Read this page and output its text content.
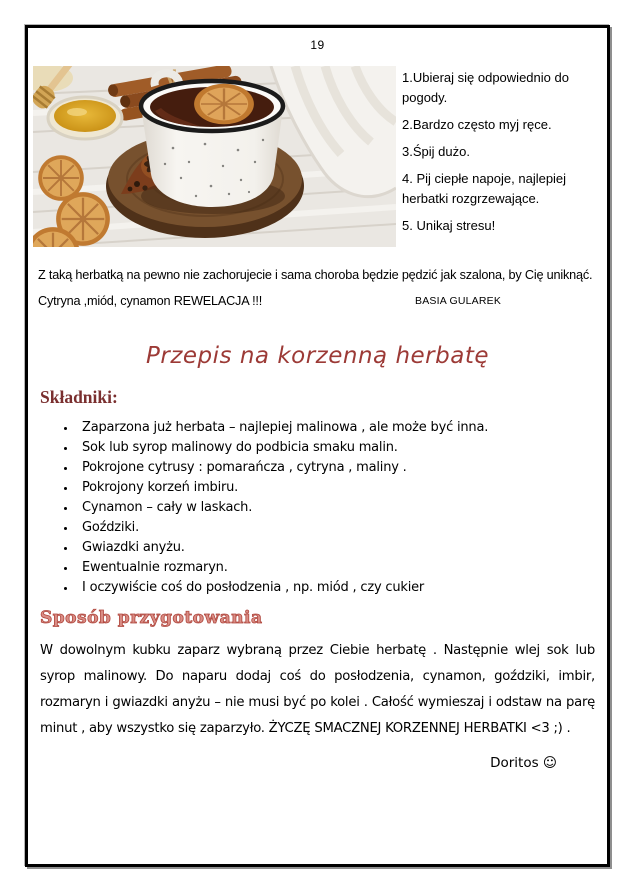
19
1.Ubieraj się odpowiednio do pogody.
2.Bardzo często myj ręce.
3.Śpij dużo.
4. Pij ciepłe napoje, najlepiej herbatki rozgrzewające.
5. Unikaj stresu!
Z taką herbatką na pewno nie zachorujecie i sama choroba będzie pędzić jak szalona, by Cię uniknąć.
Cytryna ,miód, cynamon REWELACJA !!!	BASIA GULAREK
Przepis na korzenną herbatę
Składniki:
• Zaparzona już herbata – najlepiej malinowa , ale może być inna.
• Sok lub syrop malinowy do podbicia smaku malin.
• Pokrojone cytrusy : pomarańcza , cytryna , maliny .
• Pokrojony korzeń imbiru.
• Cynamon – cały w laskach.
• Goździki.
• Gwiazdki anyżu.
• Ewentualnie rozmaryn.
• I oczywiście coś do posłodzenia , np. miód , czy cukier
Sposób przygotowania
W dowolnym kubku zaparz wybraną przez Ciebie herbatę . Następnie wlej sok lub syrop malinowy. Do naparu dodaj coś do posłodzenia, cynamon, goździki, imbir, rozmaryn i gwiazdki anyżu – nie musi być po kolei . Całość wymieszaj i odstaw na parę minut , aby wszystko się zaparzyło. ŻYCZĘ SMACZNEJ KORZENNEJ HERBATKI <3 ;) .
Doritos ☺
